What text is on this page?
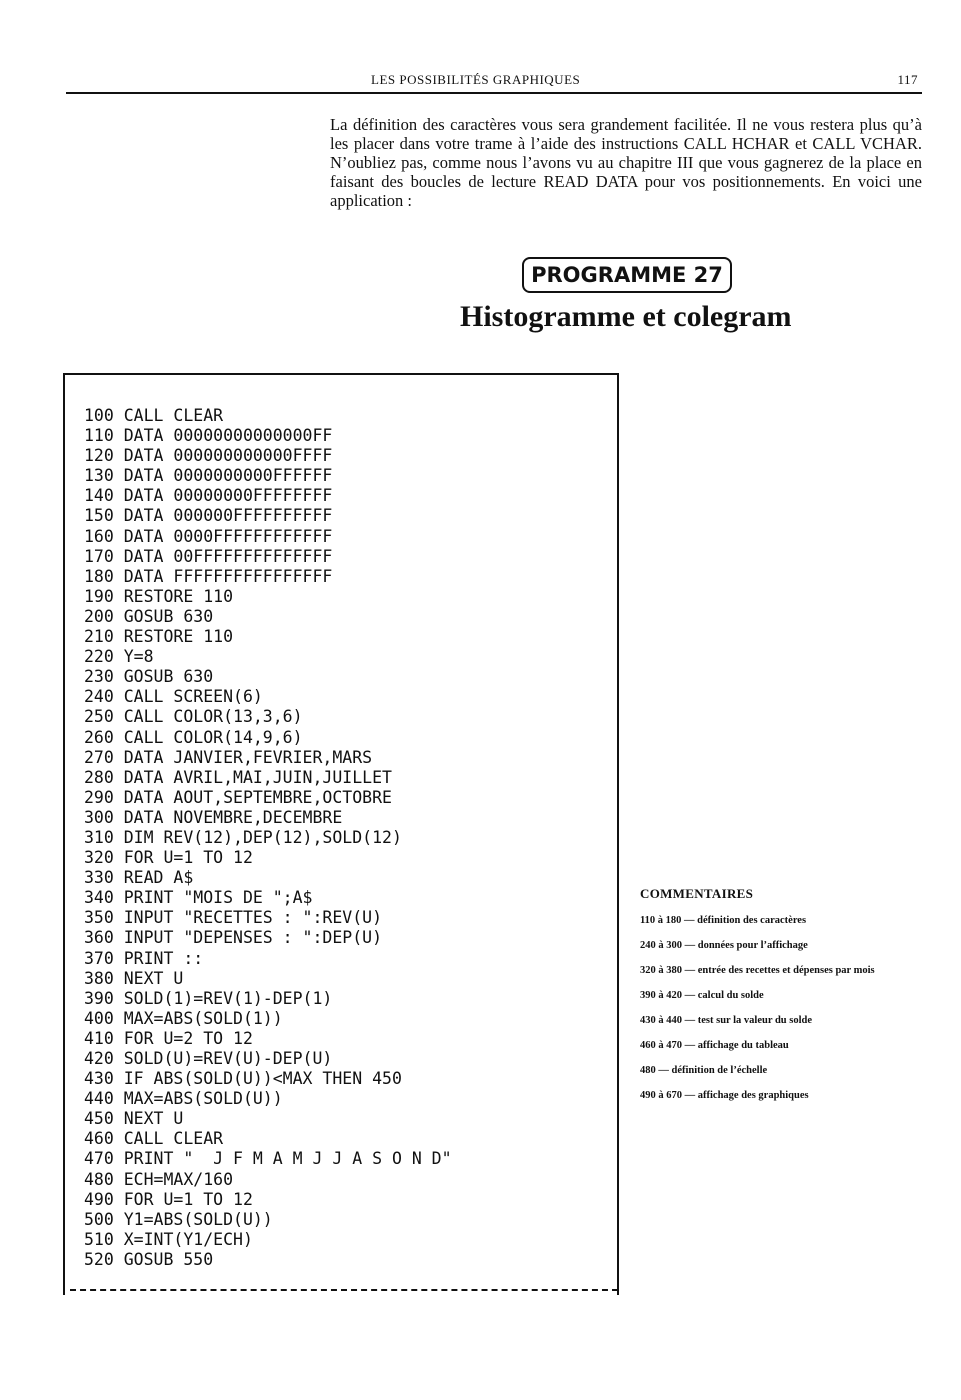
LES POSSIBILITÉS GRAPHIQUES	117
La définition des caractères vous sera grandement facilitée. Il ne vous restera plus qu’à les placer dans votre trame à l’aide des instructions CALL HCHAR et CALL VCHAR. N’oubliez pas, comme nous l’avons vu au chapitre III que vous gagnerez de la place en faisant des boucles de lecture READ DATA pour vos positionnements. En voici une application :
PROGRAMME 27
Histogramme et colegram
100 CALL CLEAR
110 DATA 00000000000000FF
120 DATA 000000000000FFFF
130 DATA 0000000000FFFFFF
140 DATA 00000000FFFFFFFF
150 DATA 000000FFFFFFFFFF
160 DATA 0000FFFFFFFFFFFF
170 DATA 00FFFFFFFFFFFFFF
180 DATA FFFFFFFFFFFFFFFF
190 RESTORE 110
200 GOSUB 630
210 RESTORE 110
220 Y=8
230 GOSUB 630
240 CALL SCREEN(6)
250 CALL COLOR(13,3,6)
260 CALL COLOR(14,9,6)
270 DATA JANVIER,FEVRIER,MARS
280 DATA AVRIL,MAI,JUIN,JUILLET
290 DATA AOUT,SEPTEMBRE,OCTOBRE
300 DATA NOVEMBRE,DECEMBRE
310 DIM REV(12),DEP(12),SOLD(12)
320 FOR U=1 TO 12
330 READ A$
340 PRINT "MOIS DE ";A$
350 INPUT "RECETTES : ":REV(U)
360 INPUT "DEPENSES : ":DEP(U)
370 PRINT ::
380 NEXT U
390 SOLD(1)=REV(1)-DEP(1)
400 MAX=ABS(SOLD(1))
410 FOR U=2 TO 12
420 SOLD(U)=REV(U)-DEP(U)
430 IF ABS(SOLD(U))<MAX THEN 450
440 MAX=ABS(SOLD(U))
450 NEXT U
460 CALL CLEAR
470 PRINT "  J F M A M J J A S O N D"
480 ECH=MAX/160
490 FOR U=1 TO 12
500 Y1=ABS(SOLD(U))
510 X=INT(Y1/ECH)
520 GOSUB 550
COMMENTAIRES
110 à 180 — définition des caractères
240 à 300 — données pour l’affichage
320 à 380 — entrée des recettes et dépenses par mois
390 à 420 — calcul du solde
430 à 440 — test sur la valeur du solde
460 à 470 — affichage du tableau
480 — définition de l’échelle
490 à 670 — affichage des graphiques
